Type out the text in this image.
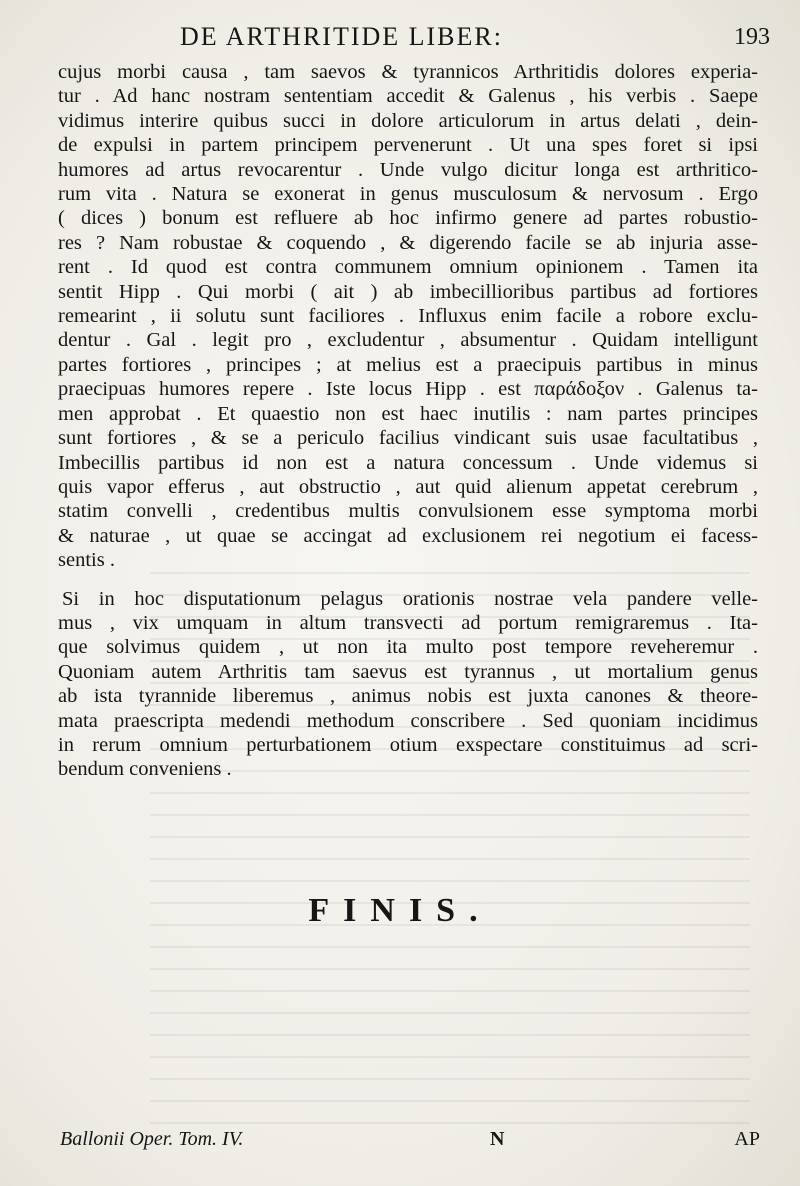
DE ARTHRITIDE LIBER:	193
cujus morbi causa , tam saevos & tyrannicos Arthritidis dolores experia-
tur . Ad hanc nostram sententiam accedit & Galenus , his verbis . Saepe
vidimus interire quibus succi in dolore articulorum in artus delati , dein-
de expulsi in partem principem pervenerunt . Ut una spes foret si ipsi
humores ad artus revocarentur . Unde vulgo dicitur longa est arthritico-
rum vita . Natura se exonerat in genus musculosum & nervosum . Ergo
( dices ) bonum est refluere ab hoc infirmo genere ad partes robustio-
res ? Nam robustae & coquendo , & digerendo facile se ab injuria asse-
rent . Id quod est contra communem omnium opinionem . Tamen ita
sentit Hipp . Qui morbi ( ait ) ab imbecillioribus partibus ad fortiores
remearint , ii solutu sunt faciliores . Influxus enim facile a robore exclu-
dentur . Gal . legit pro , excludentur , absumentur . Quidam intelligunt
partes fortiores , principes ; at melius est a praecipuis partibus in minus
praecipuas humores repere . Iste locus Hipp . est παράδοξον . Galenus ta-
men approbat . Et quaestio non est haec inutilis : nam partes principes
sunt fortiores , & se a periculo facilius vindicant suis usae facultatibus ,
Imbecillis partibus id non est a natura concessum . Unde videmus si
quis vapor efferus , aut obstructio , aut quid alienum appetat cerebrum ,
statim convelli , credentibus multis convulsionem esse symptoma morbi
& naturae , ut quae se accingat ad exclusionem rei negotium ei facess-
sentis .
Si in hoc disputationum pelagus orationis nostrae vela pandere velle-
mus , vix umquam in altum transvecti ad portum remigraremus . Ita-
que solvimus quidem , ut non ita multo post tempore reveheremur .
Quoniam autem Arthritis tam saevus est tyrannus , ut mortalium genus
ab ista tyrannide liberemus , animus nobis est juxta canones & theore-
mata praescripta medendi methodum conscribere . Sed quoniam incidimus
in rerum omnium perturbationem otium exspectare constituimus ad scri-
bendum conveniens .
FINIS.
Ballonii Oper. Tom. IV.	N	AP
